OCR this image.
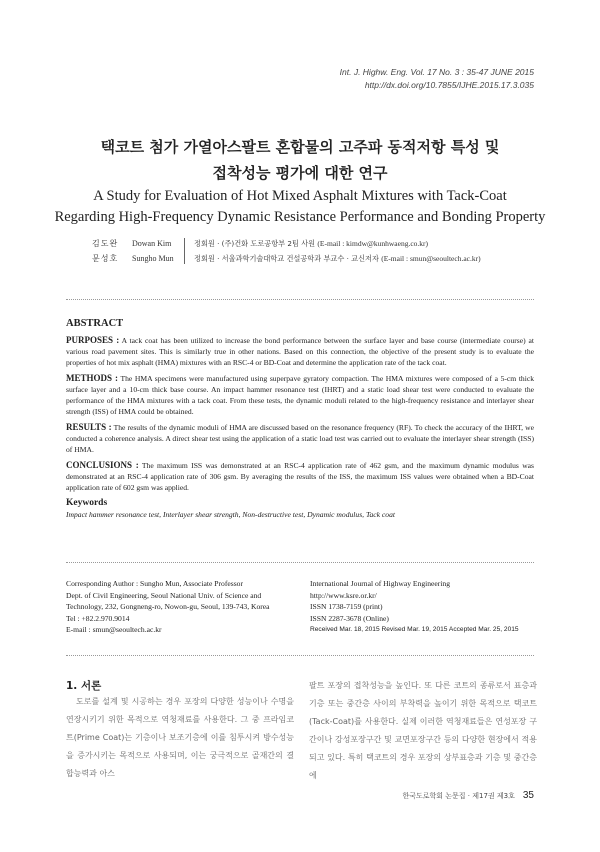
Int. J. Highw. Eng. Vol. 17 No. 3 : 35-47 JUNE 2015
http://dx.doi.org/10.7855/IJHE.2015.17.3.035
택코트 첨가 가열아스팔트 혼합물의 고주파 동적저항 특성 및
접착성능 평가에 대한 연구
A Study for Evaluation of Hot Mixed Asphalt Mixtures with Tack-Coat
Regarding High-Frequency Dynamic Resistance Performance and Bonding Property
김도완	Dowan Kim	정회원 · (주)건화 도로공항부 2팀 사원 (E-mail : kimdw@kunhwaeng.co.kr)
문성호	Sungho Mun	정회원 · 서울과학기술대학교 건설공학과 부교수 · 교신저자 (E-mail : smun@seoultech.ac.kr)
ABSTRACT

PURPOSES : A tack coat has been utilized to increase the bond performance between the surface layer and base course (intermediate course) at various road pavement sites. This is similarly true in other nations. Based on this connection, the objective of the present study is to evaluate the properties of hot mix asphalt (HMA) mixtures with an RSC-4 or BD-Coat and determine the application rate of the tack coat.

METHODS : The HMA specimens were manufactured using superpave gyratory compaction. The HMA mixtures were composed of a 5-cm thick surface layer and a 10-cm thick base course. An impact hammer resonance test (IHRT) and a static load shear test were conducted to evaluate the performance of the HMA mixtures with a tack coat. From these tests, the dynamic moduli related to the high-frequency resistance and interlayer shear strength (ISS) of HMA could be obtained.

RESULTS : The results of the dynamic moduli of HMA are discussed based on the resonance frequency (RF). To check the accuracy of the IHRT, we conducted a coherence analysis. A direct shear test using the application of a static load test was carried out to evaluate the interlayer shear strength (ISS) of HMA.

CONCLUSIONS : The maximum ISS was demonstrated at an RSC-4 application rate of 462 gsm, and the maximum dynamic modulus was demonstrated at an RSC-4 application rate of 306 gsm. By averaging the results of the ISS, the maximum ISS values were obtained when a BD-Coat application rate of 602 gsm was applied.

Keywords
Impact hammer resonance test, Interlayer shear strength, Non-destructive test, Dynamic modulus, Tack coat
Corresponding Author : Sungho Mun, Associate Professor
Dept. of Civil Engineering, Seoul National Univ. of Science and
Technology, 232, Gongneng-ro, Nowon-gu, Seoul, 139-743, Korea
Tel : +82.2.970.9014
E-mail : smun@seoultech.ac.kr
International Journal of Highway Engineering
http://www.ksre.or.kr/
ISSN 1738-7159 (print)
ISSN 2287-3678 (Online)
Received Mar. 18, 2015 Revised Mar. 19, 2015 Accepted Mar. 25, 2015
1. 서론
도로를 설계 및 시공하는 경우 포장의 다양한 성능이나 수명을 연장시키기 위한 목적으로 역청재료를 사용한다. 그 중 프라임코트(Prime Coat)는 기층이나 보조기층에 이를 침투시켜 방수성능을 증가시키는 목적으로 사용되며, 이는 궁극적으로 골재간의 결합능력과 아스
팔트 포장의 접착성능을 높인다. 또 다른 코트의 종류로서 표층과 기층 또는 중간층 사이의 부착력을 높이기 위한 목적으로 택코트(Tack-Coat)를 사용한다. 실제 이러한 역청재료들은 연성포장 구간이나 강성포장구간 및 교면포장구간 등의 다양한 현장에서 적용되고 있다. 특히 택코트의 경우 포장의 상부표층과 기층 및 중간층에
한국도로학회 논문집 · 제17권 제3호 35
